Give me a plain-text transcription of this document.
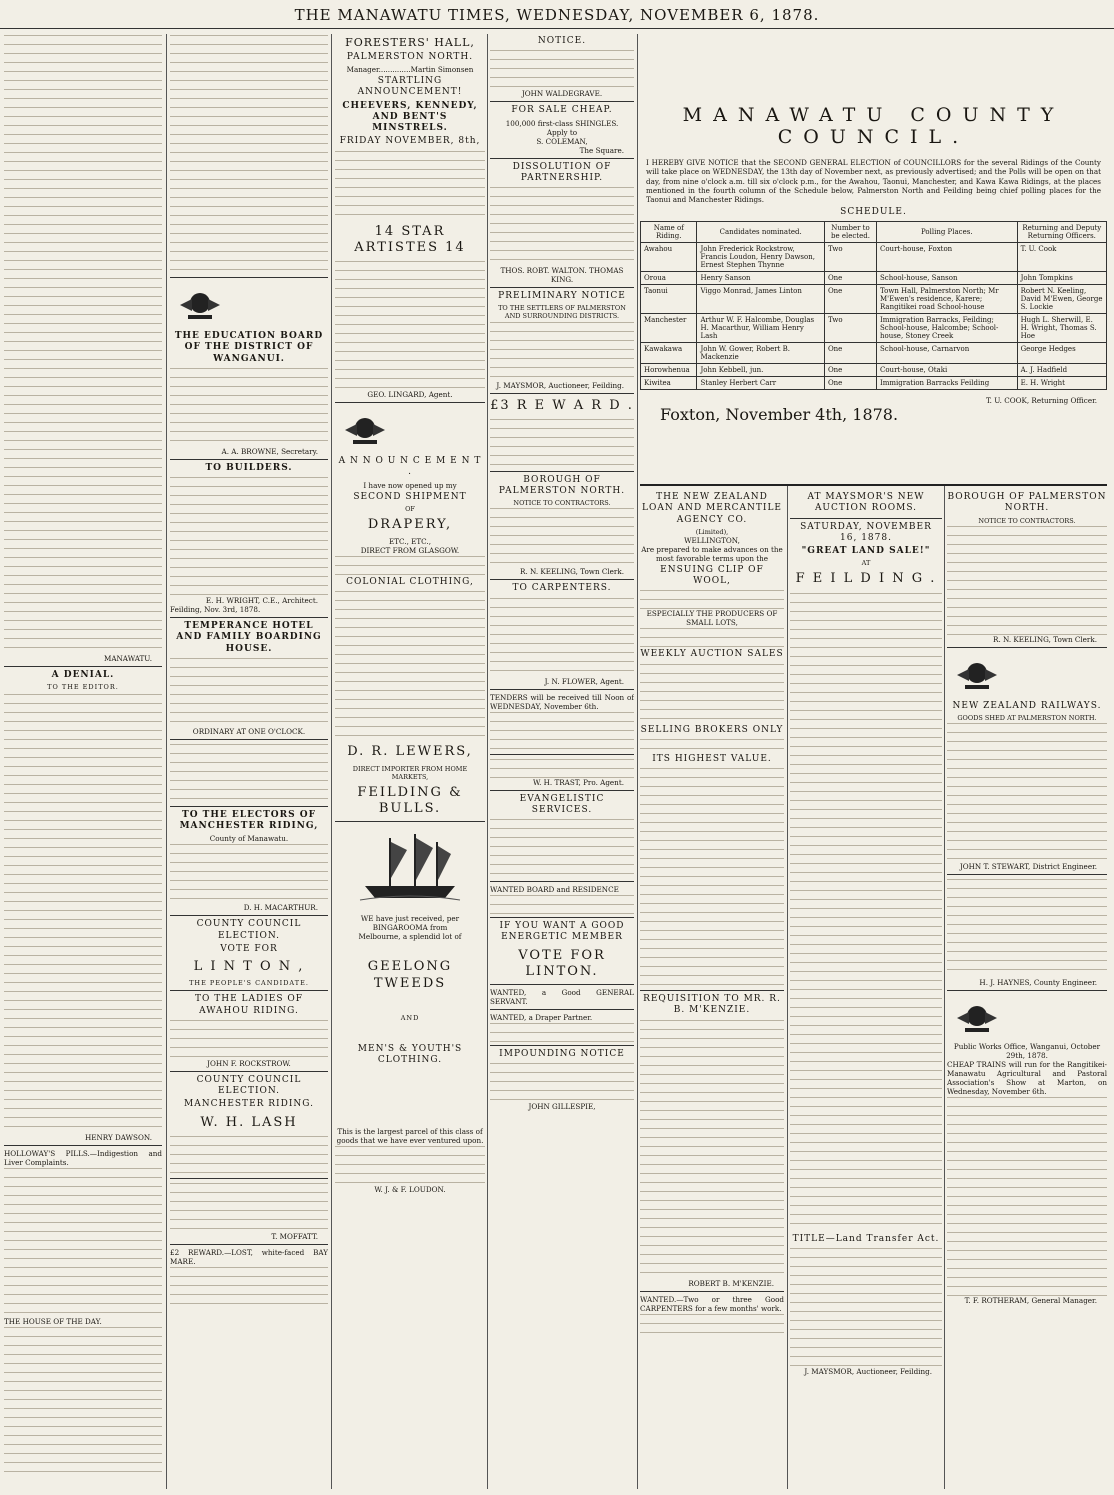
THE MANAWATU TIMES, WEDNESDAY, NOVEMBER 6, 1878.
MANAWATU.
A DENIAL.
TO THE EDITOR.
HENRY DAWSON.
HOLLOWAY'S PILLS.—Indigestion and Liver Complaints.
THE HOUSE OF THE DAY.
THE EDUCATION BOARD OF THE DISTRICT OF WANGANUI.
A. A. BROWNE, Secretary.
TO BUILDERS.
E. H. WRIGHT, C.E., Architect.
Feilding, Nov. 3rd, 1878.
TEMPERANCE HOTEL AND FAMILY BOARDING HOUSE.
ORDINARY AT ONE O'CLOCK.
TO THE ELECTORS OF MANCHESTER RIDING,
County of Manawatu.
D. H. MACARTHUR.
COUNTY COUNCIL ELECTION.
VOTE FOR
L I N T O N ,
THE PEOPLE'S CANDIDATE.
TO THE LADIES OF AWAHOU RIDING.
JOHN F. ROCKSTROW.
COUNTY COUNCIL ELECTION.
MANCHESTER RIDING.
W. H. LASH
T. MOFFATT.
£2 REWARD.—LOST, white-faced BAY MARE.
FORESTERS' HALL,
PALMERSTON NORTH.
Manager..............Martin Simonsen
STARTLING ANNOUNCEMENT!
CHEEVERS, KENNEDY, AND BENT'S MINSTRELS.
FRIDAY NOVEMBER, 8th,
14 STAR ARTISTES 14
GEO. LINGARD, Agent.
A N N O U N C E M E N T .
I have now opened up my
SECOND SHIPMENT
OF
DRAPERY,
ETC., ETC.,
DIRECT FROM GLASGOW.
COLONIAL CLOTHING,
D. R. LEWERS,
DIRECT IMPORTER FROM HOME MARKETS,
FEILDING & BULLS.
WE have just received, per
BINGAROOMA from
Melbourne, a splendid lot of
GEELONG TWEEDS
AND
MEN'S & YOUTH'S CLOTHING.
This is the largest parcel of this class of goods that we have ever ventured upon.
W. J. & F. LOUDON.
NOTICE.
JOHN WALDEGRAVE.
FOR SALE CHEAP.
100,000 first-class SHINGLES.
Apply to
S. COLEMAN,
The Square.
DISSOLUTION OF PARTNERSHIP.
THOS. ROBT. WALTON. THOMAS KING.
PRELIMINARY NOTICE
TO THE SETTLERS OF PALMERSTON AND SURROUNDING DISTRICTS.
J. MAYSMOR, Auctioneer, Feilding.
£3 R E W A R D .
BOROUGH OF PALMERSTON NORTH.
NOTICE TO CONTRACTORS.
R. N. KEELING, Town Clerk.
TO CARPENTERS.
J. N. FLOWER, Agent.
TENDERS will be received till Noon of WEDNESDAY, November 6th.
W. H. TRAST, Pro. Agent.
EVANGELISTIC SERVICES.
WANTED BOARD and RESIDENCE
IF YOU WANT A GOOD ENERGETIC MEMBER
VOTE FOR LINTON.
WANTED, a Good GENERAL SERVANT.
WANTED, a Draper Partner.
IMPOUNDING NOTICE
JOHN GILLESPIE,
MANAWATU COUNTY COUNCIL.

I HEREBY GIVE NOTICE that the SECOND GENERAL ELECTION of COUNCILLORS for the several Ridings of the County will take place on WEDNESDAY, the 13th day of November next, as previously advertised; and the Polls will be open on that day, from nine o'clock a.m. till six o'clock p.m., for the Awahou, Taonui, Manchester, and Kawa Kawa Ridings, at the places mentioned in the fourth column of the Schedule below, Palmerston North and Feilding being chief polling places for the Taonui and Manchester Ridings.

SCHEDULE.
Name of Riding.	Candidates nominated.	Number to be elected.	Polling Places.	Returning and Deputy Returning Officers.
Awahou	John Frederick Rockstrow, Francis Loudon, Henry Dawson, Ernest Stephen Thynne	Two	Court-house, Foxton	T. U. Cook
Oroua	Henry Sanson	One	School-house, Sanson	John Tompkins
Taonui	Viggo Monrad, James Linton	One	Town Hall, Palmerston North; Mr M'Ewen's residence, Karere; Rangitikei road School-house	Robert N. Keeling, David M'Ewen, George S. Lockie
Manchester	Arthur W. F. Halcombe, Douglas H. Macarthur, William Henry Lash	Two	Immigration Barracks, Feilding; School-house, Halcombe; School-house, Stoney Creek	Hugh L. Sherwill, E. H. Wright, Thomas S. Hoe
Kawakawa	John W. Gower, Robert B. Mackenzie	One	School-house, Carnarvon	George Hedges
Horowhenua	John Kebbell, jun.	One	Court-house, Otaki	A. J. Hadfield
Kiwitea	Stanley Herbert Carr	One	Immigration Barracks Feilding	E. H. Wright
T. U. COOK, Returning Officer.
Foxton, November 4th, 1878.
THE NEW ZEALAND LOAN AND MERCANTILE AGENCY CO.
(Limited),
WELLINGTON,
Are prepared to make advances on the most favorable terms upon the
ENSUING CLIP OF WOOL,
ESPECIALLY THE PRODUCERS OF SMALL LOTS,
WEEKLY AUCTION SALES
SELLING BROKERS ONLY
ITS HIGHEST VALUE.
REQUISITION TO MR. R. B. M'KENZIE.
ROBERT B. M'KENZIE.
WANTED.—Two or three Good CARPENTERS for a few months' work.
AT MAYSMOR'S NEW AUCTION ROOMS.
SATURDAY, NOVEMBER 16, 1878.
"GREAT LAND SALE!"
AT
F E I L D I N G .
TITLE—Land Transfer Act.
J. MAYSMOR, Auctioneer, Feilding.
BOROUGH OF PALMERSTON NORTH.
NOTICE TO CONTRACTORS.
R. N. KEELING, Town Clerk.
NEW ZEALAND RAILWAYS.
GOODS SHED AT PALMERSTON NORTH.
JOHN T. STEWART, District Engineer.
H. J. HAYNES, County Engineer.
Public Works Office, Wanganui, October 29th, 1878.
CHEAP TRAINS will run for the Rangitikei-Manawatu Agricultural and Pastoral Association's Show at Marton, on Wednesday, November 6th.
T. F. ROTHERAM, General Manager.
